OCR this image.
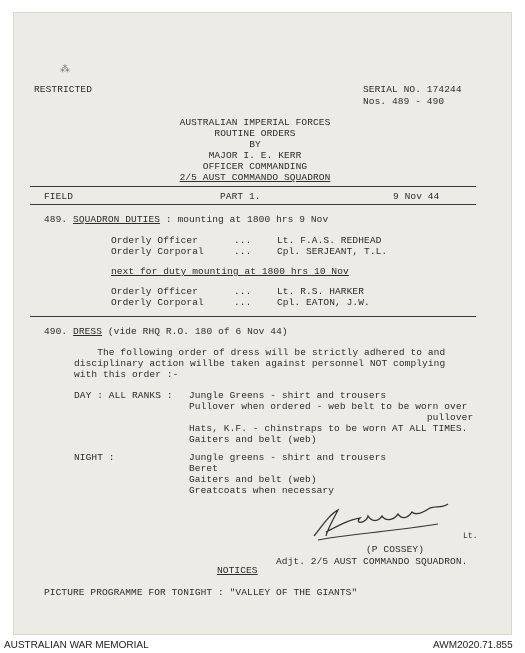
RESTRICTED	SERIAL NO. 174244
Nos. 489 - 490
⁂
AUSTRALIAN IMPERIAL FORCES
ROUTINE ORDERS
BY
MAJOR I. E. KERR
OFFICER COMMANDING
2/5 AUST COMMANDO SQUADRON
FIELD	PART 1.	9 Nov 44
489. SQUADRON DUTIES : mounting at 1800 hrs 9 Nov
Orderly Officer	...	Lt. F.A.S. REDHEAD
Orderly Corporal	...	Cpl. SERJEANT, T.L.
next for duty mounting at 1800 hrs 10 Nov
Orderly Officer	...	Lt. R.S. HARKER
Orderly Corporal	...	Cpl. EATON, J.W.
490. DRESS (vide RHQ R.O. 180 of 6 Nov 44)
The following order of dress will be strictly adhered to and
disciplinary action willbe taken against personnel NOT complying
with this order :-
DAY : ALL RANKS : Jungle Greens - shirt and trousers
Pullover when ordered - web belt to be worn over
pullover
Hats, K.F. - chinstraps to be worn AT ALL TIMES.
Gaiters and belt (web)
NIGHT :	Jungle greens - shirt and trousers
Beret
Gaiters and belt (web)
Greatcoats when necessary
Lt.
(P COSSEY)
Adjt. 2/5 AUST COMMANDO SQUADRON.
NOTICES
PICTURE PROGRAMME FOR TONIGHT : "VALLEY OF THE GIANTS"
AUSTRALIAN WAR MEMORIAL	AWM2020.71.855
